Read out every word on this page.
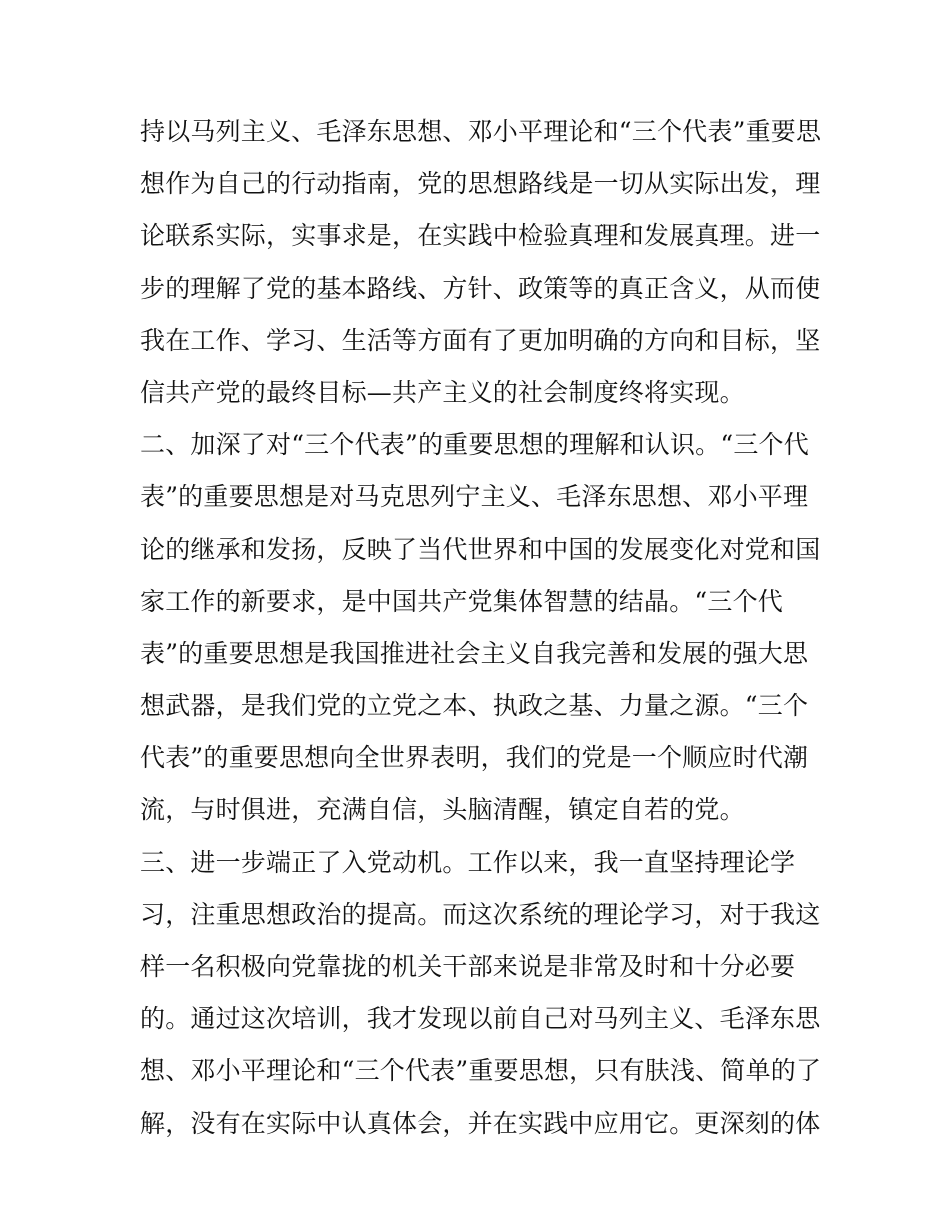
持以马列主义、毛泽东思想、邓小平理论和“三个代表”重要思
想作为自己的行动指南，党的思想路线是一切从实际出发，理
论联系实际，实事求是，在实践中检验真理和发展真理。进一
步的理解了党的基本路线、方针、政策等的真正含义，从而使
我在工作、学习、生活等方面有了更加明确的方向和目标，坚
信共产党的最终目标—共产主义的社会制度终将实现。
二、加深了对“三个代表”的重要思想的理解和认识。“三个代
表”的重要思想是对马克思列宁主义、毛泽东思想、邓小平理
论的继承和发扬，反映了当代世界和中国的发展变化对党和国
家工作的新要求，是中国共产党集体智慧的结晶。“三个代
表”的重要思想是我国推进社会主义自我完善和发展的强大思
想武器，是我们党的立党之本、执政之基、力量之源。“三个
代表”的重要思想向全世界表明，我们的党是一个顺应时代潮
流，与时俱进，充满自信，头脑清醒，镇定自若的党。
三、进一步端正了入党动机。工作以来，我一直坚持理论学
习，注重思想政治的提高。而这次系统的理论学习，对于我这
样一名积极向党靠拢的机关干部来说是非常及时和十分必要
的。通过这次培训，我才发现以前自己对马列主义、毛泽东思
想、邓小平理论和“三个代表”重要思想，只有肤浅、简单的了
解，没有在实际中认真体会，并在实践中应用它。更深刻的体
